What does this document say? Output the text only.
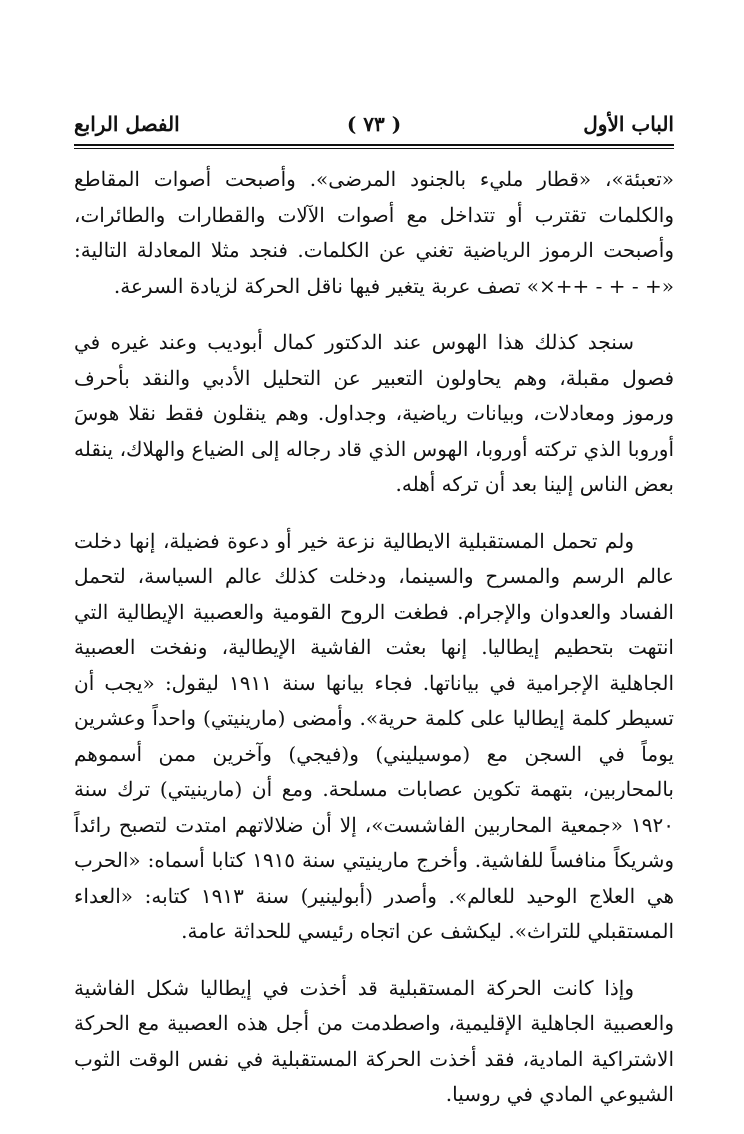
الباب الأول
( ٧٣ )
الفصل الرابع

«تعبئة»، «قطار مليء بالجنود المرضى». وأصبحت أصوات المقاطع والكلمات تقترب أو تتداخل مع أصوات الآلات والقطارات والطائرات، وأصبحت الرموز الرياضية تغني عن الكلمات. فنجد مثلا المعادلة التالية: «+ - + - ++×» تصف عربة يتغير فيها ناقل الحركة لزيادة السرعة.

سنجد كذلك هذا الهوس عند الدكتور كمال أبوديب وعند غيره في فصول مقبلة، وهم يحاولون التعبير عن التحليل الأدبي والنقد بأحرف ورموز ومعادلات، وبيانات رياضية، وجداول. وهم ينقلون فقط نقلا هوسَ أوروبا الذي تركته أوروبا، الهوس الذي قاد رجاله إلى الضياع والهلاك، ينقله بعض الناس إلينا بعد أن تركه أهله.

ولم تحمل المستقبلية الايطالية نزعة خير أو دعوة فضيلة، إنها دخلت عالم الرسم والمسرح والسينما، ودخلت كذلك عالم السياسة، لتحمل الفساد والعدوان والإجرام. فطغت الروح القومية والعصبية الإيطالية التي انتهت بتحطيم إيطاليا. إنها بعثت الفاشية الإيطالية، ونفخت العصبية الجاهلية الإجرامية في بياناتها. فجاء بيانها سنة ١٩١١ ليقول: «يجب أن تسيطر كلمة إيطاليا على كلمة حرية». وأمضى (مارينيتي) واحداً وعشرين يوماً في السجن مع (موسيليني) و(فيجي) وآخرين ممن أسموهم بالمحاربين، بتهمة تكوين عصابات مسلحة. ومع أن (مارينيتي) ترك سنة ١٩٢٠ «جمعية المحاربين الفاشست»، إلا أن ضلالاتهم امتدت لتصبح رائداً وشريكاً منافساً للفاشية. وأخرج مارينيتي سنة ١٩١٥ كتابا أسماه: «الحرب هي العلاج الوحيد للعالم». وأصدر (أبولينير) سنة ١٩١٣ كتابه: «العداء المستقبلي للتراث». ليكشف عن اتجاه رئيسي للحداثة عامة.

وإذا كانت الحركة المستقبلية قد أخذت في إيطاليا شكل الفاشية والعصبية الجاهلية الإقليمية، واصطدمت من أجل هذه العصبية مع الحركة الاشتراكية المادية، فقد أخذت الحركة المستقبلية في نفس الوقت الثوب الشيوعي المادي في روسيا.
